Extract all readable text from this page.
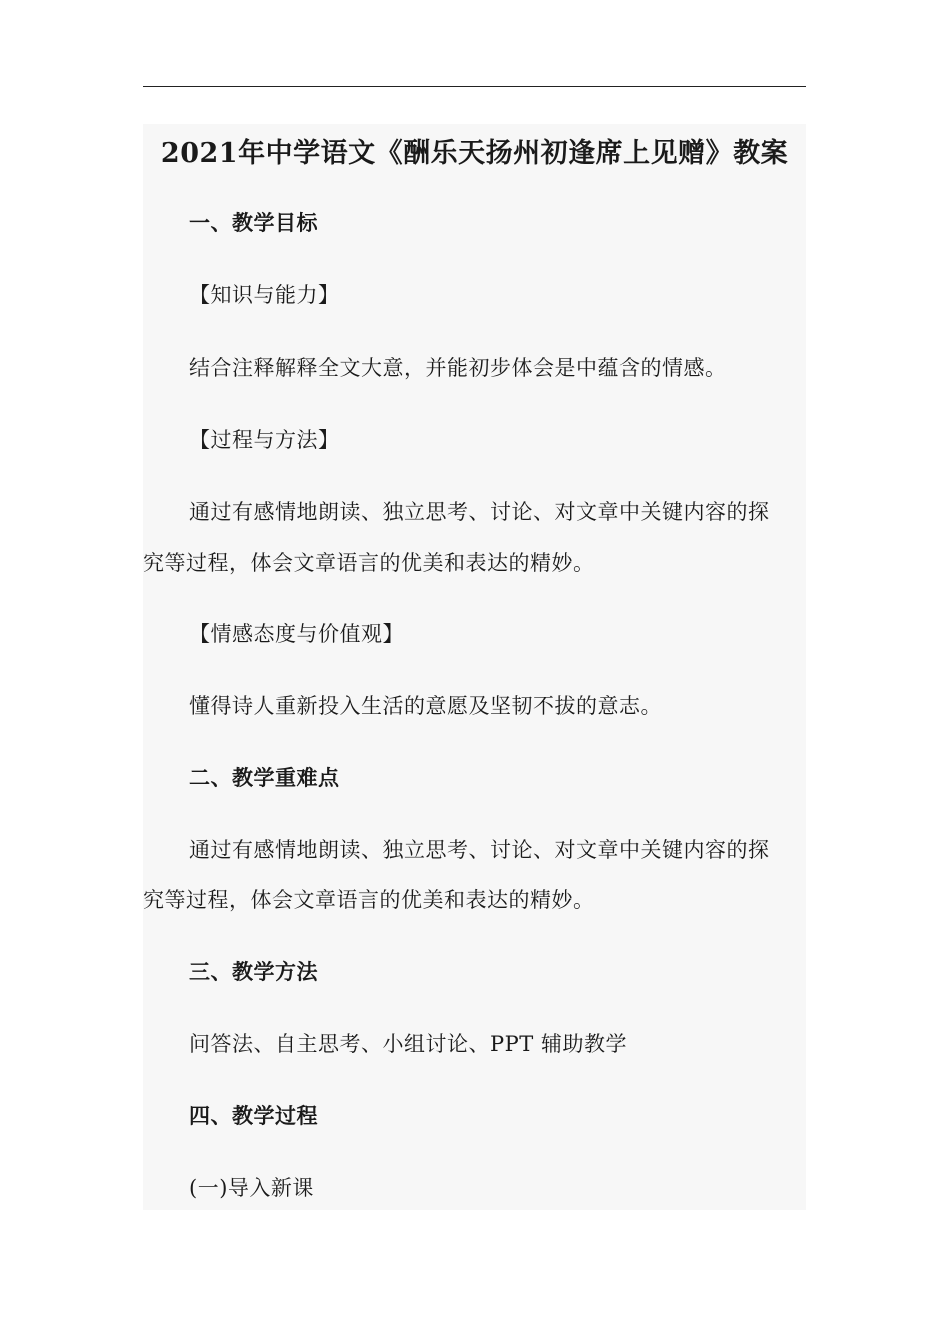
2021年中学语文《酬乐天扬州初逢席上见赠》教案
一、教学目标
【知识与能力】
结合注释解释全文大意，并能初步体会是中蕴含的情感。
【过程与方法】
通过有感情地朗读、独立思考、讨论、对文章中关键内容的探
究等过程，体会文章语言的优美和表达的精妙。
【情感态度与价值观】
懂得诗人重新投入生活的意愿及坚韧不拔的意志。
二、教学重难点
通过有感情地朗读、独立思考、讨论、对文章中关键内容的探
究等过程，体会文章语言的优美和表达的精妙。
三、教学方法
问答法、自主思考、小组讨论、PPT 辅助教学
四、教学过程
(一)导入新课
